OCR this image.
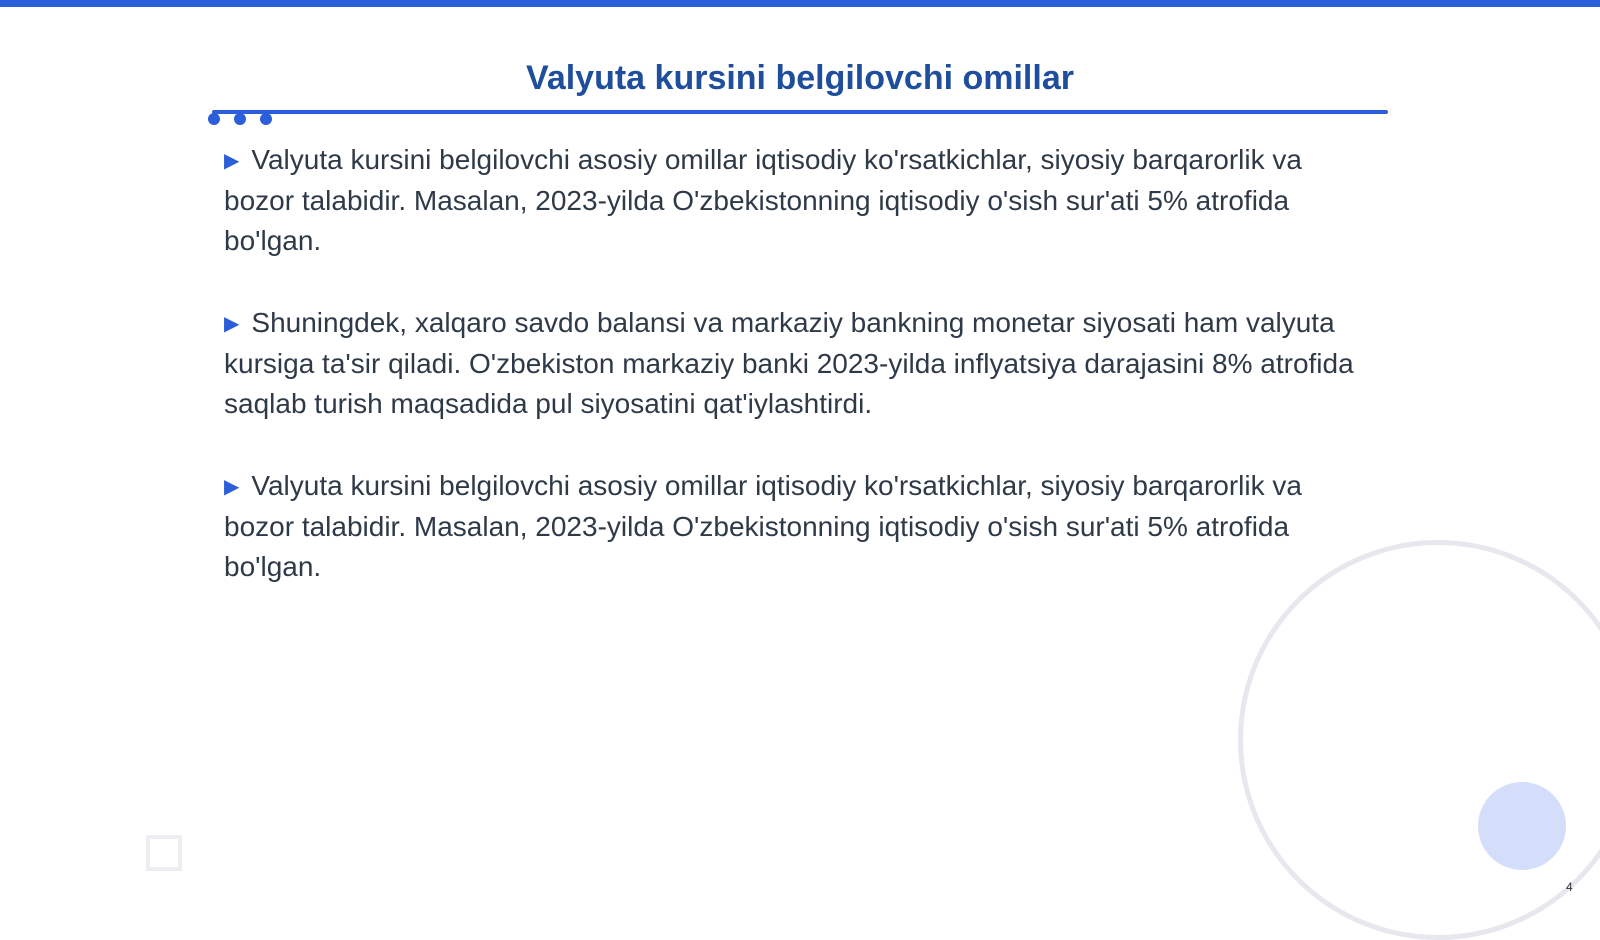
Valyuta kursini belgilovchi omillar

▶ Valyuta kursini belgilovchi asosiy omillar iqtisodiy ko'rsatkichlar, siyosiy barqarorlik va bozor talabidir. Masalan, 2023-yilda O'zbekistonning iqtisodiy o'sish sur'ati 5% atrofida bo'lgan.

▶ Shuningdek, xalqaro savdo balansi va markaziy bankning monetar siyosati ham valyuta kursiga ta'sir qiladi. O'zbekiston markaziy banki 2023-yilda inflyatsiya darajasini 8% atrofida saqlab turish maqsadida pul siyosatini qat'iylashtirdi.

▶ Valyuta kursini belgilovchi asosiy omillar iqtisodiy ko'rsatkichlar, siyosiy barqarorlik va bozor talabidir. Masalan, 2023-yilda O'zbekistonning iqtisodiy o'sish sur'ati 5% atrofida bo'lgan.

4
